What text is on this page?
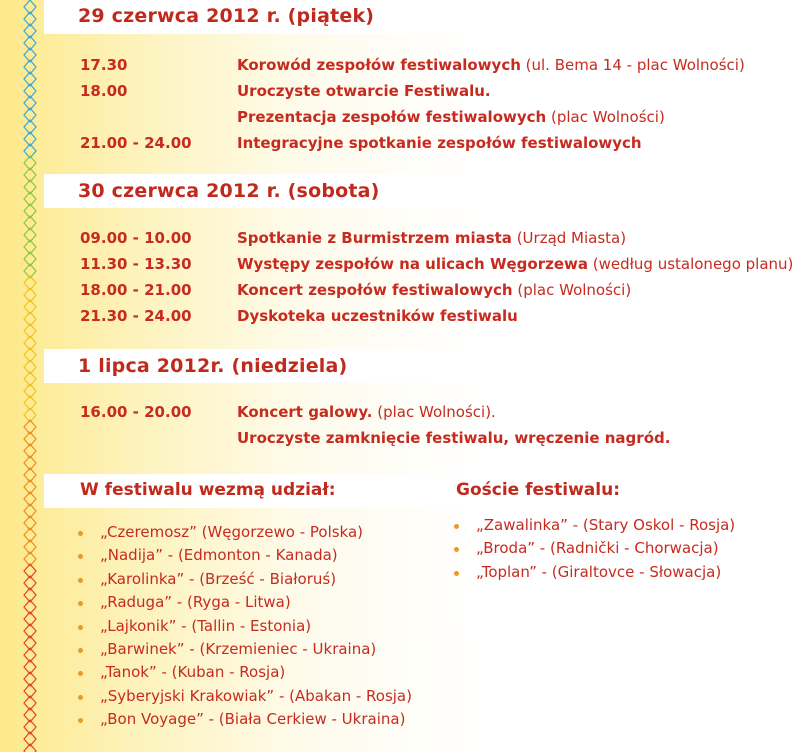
29 czerwca 2012 r. (piątek)
17.30	Korowód zespołów festiwalowych (ul. Bema 14 - plac Wolności)
18.00	Uroczyste otwarcie Festiwalu.
Prezentacja zespołów festiwalowych (plac Wolności)
21.00 - 24.00	Integracyjne spotkanie zespołów festiwalowych
30 czerwca 2012 r. (sobota)
09.00 - 10.00	Spotkanie z Burmistrzem miasta (Urząd Miasta)
11.30 - 13.30	Występy zespołów na ulicach Węgorzewa (według ustalonego planu)
18.00 - 21.00	Koncert zespołów festiwalowych (plac Wolności)
21.30 - 24.00	Dyskoteka uczestników festiwalu
1 lipca 2012r. (niedziela)
16.00 - 20.00	Koncert galowy. (plac Wolności).
Uroczyste zamknięcie festiwalu, wręczenie nagród.
W festiwalu wezmą udział:	Goście festiwalu:
„Czeremosz” (Węgorzewo - Polska)
„Nadija” - (Edmonton - Kanada)
„Karolinka” - (Brześć - Białoruś)
„Raduga” - (Ryga - Litwa)
„Lajkonik” - (Tallin - Estonia)
„Barwinek” - (Krzemieniec - Ukraina)
„Tanok” - (Kuban - Rosja)
„Syberyjski Krakowiak” - (Abakan - Rosja)
„Bon Voyage” - (Biała Cerkiew - Ukraina)
„Zawalinka” - (Stary Oskol - Rosja)
„Broda” - (Radnički - Chorwacja)
„Toplan” - (Giraltovce - Słowacja)
